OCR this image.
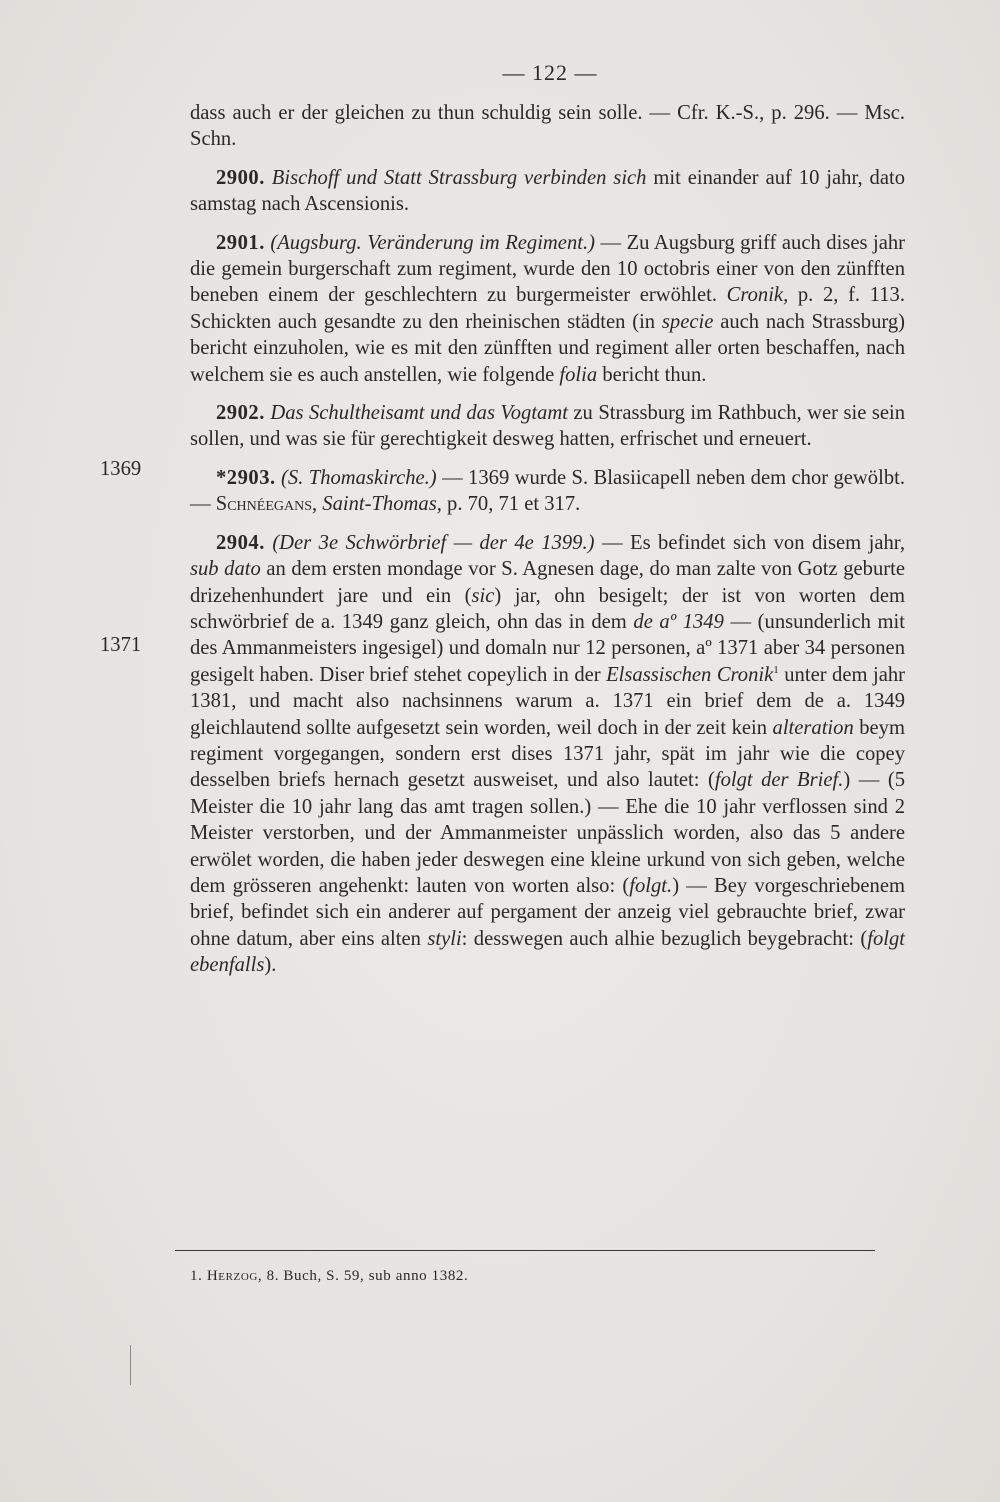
— 122 —
1369
1371

dass auch er der gleichen zu thun schuldig sein solle. — Cfr. K.-S., p. 296. — Msc. Schn.

2900. Bischoff und Statt Strassburg verbinden sich mit einander auf 10 jahr, dato samstag nach Ascensionis.

2901. (Augsburg. Veränderung im Regiment.) — Zu Augsburg griff auch dises jahr die gemein burgerschaft zum regiment, wurde den 10 octobris einer von den zünfften beneben einem der geschlechtern zu burgermeister erwöhlet. Cronik, p. 2, f. 113. Schickten auch gesandte zu den rheinischen städten (in specie auch nach Strassburg) bericht einzuholen, wie es mit den zünfften und regiment aller orten beschaffen, nach welchem sie es auch anstellen, wie folgende folia bericht thun.

2902. Das Schultheisamt und das Vogtamt zu Strassburg im Rathbuch, wer sie sein sollen, und was sie für gerechtigkeit desweg hatten, erfrischet und erneuert.

*2903. (S. Thomaskirche.) — 1369 wurde S. Blasiicapell neben dem chor gewölbt. — Schnéegans, Saint-Thomas, p. 70, 71 et 317.

2904. (Der 3e Schwörbrief — der 4e 1399.) — Es befindet sich von disem jahr, sub dato an dem ersten mondage vor S. Agnesen dage, do man zalte von Gotz geburte drizehenhundert jare und ein (sic) jar, ohn besigelt; der ist von worten dem schwörbrief de a. 1349 ganz gleich, ohn das in dem de aº 1349 — (unsunderlich mit des Ammanmeisters ingesigel) und domaln nur 12 personen, aº 1371 aber 34 personen gesigelt haben. Diser brief stehet copeylich in der Elsassischen Cronik$^1$ unter dem jahr 1381, und macht also nachsinnens warum a. 1371 ein brief dem de a. 1349 gleichlautend sollte aufgesetzt sein worden, weil doch in der zeit kein alteration beym regiment vorgegangen, sondern erst dises 1371 jahr, spät im jahr wie die copey desselben briefs hernach gesetzt ausweiset, und also lautet: (folgt der Brief.) — (5 Meister die 10 jahr lang das amt tragen sollen.) — Ehe die 10 jahr verflossen sind 2 Meister verstorben, und der Ammanmeister unpässlich worden, also das 5 andere erwölet worden, die haben jeder deswegen eine kleine urkund von sich geben, welche dem grösseren angehenkt: lauten von worten also: (folgt.) — Bey vorgeschriebenem brief, befindet sich ein anderer auf pergament der anzeig viel gebrauchte brief, zwar ohne datum, aber eins alten styli: desswegen auch alhie bezuglich beygebracht: (folgt ebenfalls).

1. Herzog, 8. Buch, S. 59, sub anno 1382.
